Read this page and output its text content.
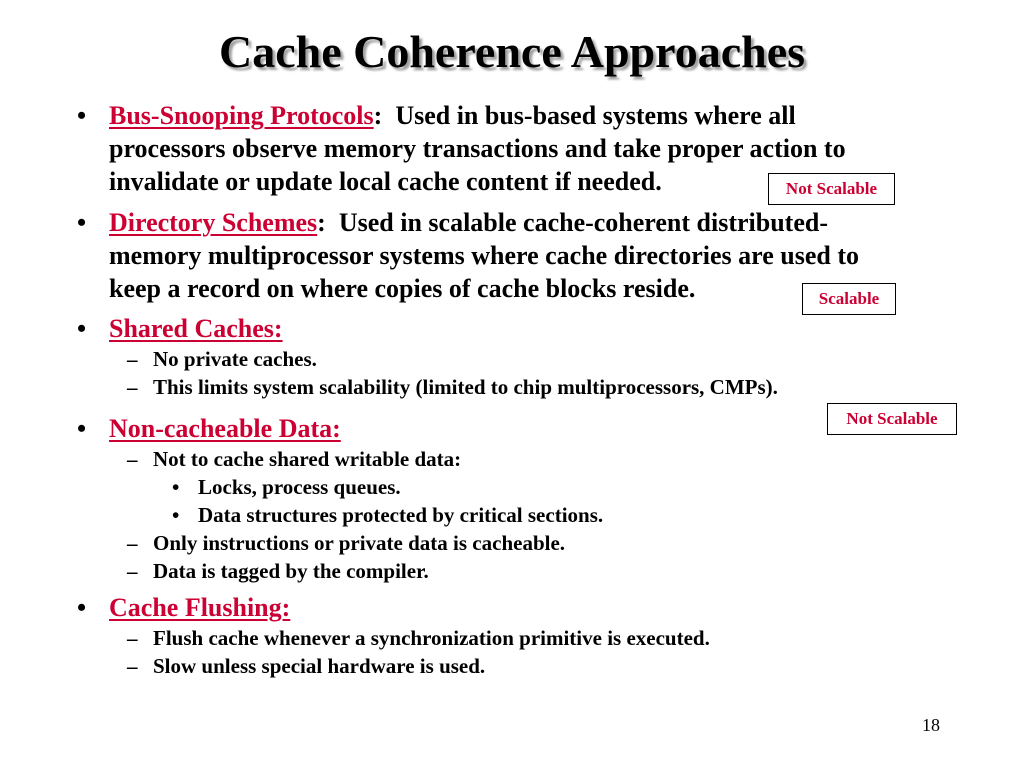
Cache Coherence Approaches
• Bus-Snooping Protocols: Used in bus-based systems where all
processors observe memory transactions and take proper action to
invalidate or update local cache content if needed.	Not Scalable
• Directory Schemes: Used in scalable cache-coherent distributed-
memory multiprocessor systems where cache directories are used to
keep a record on where copies of cache blocks reside.	Scalable
• Shared Caches:
– No private caches.
– This limits system scalability (limited to chip multiprocessors, CMPs).
Not Scalable
• Non-cacheable Data:
– Not to cache shared writable data:
• Locks, process queues.
• Data structures protected by critical sections.
– Only instructions or private data is cacheable.
– Data is tagged by the compiler.
• Cache Flushing:
– Flush cache whenever a synchronization primitive is executed.
– Slow unless special hardware is used.
18
